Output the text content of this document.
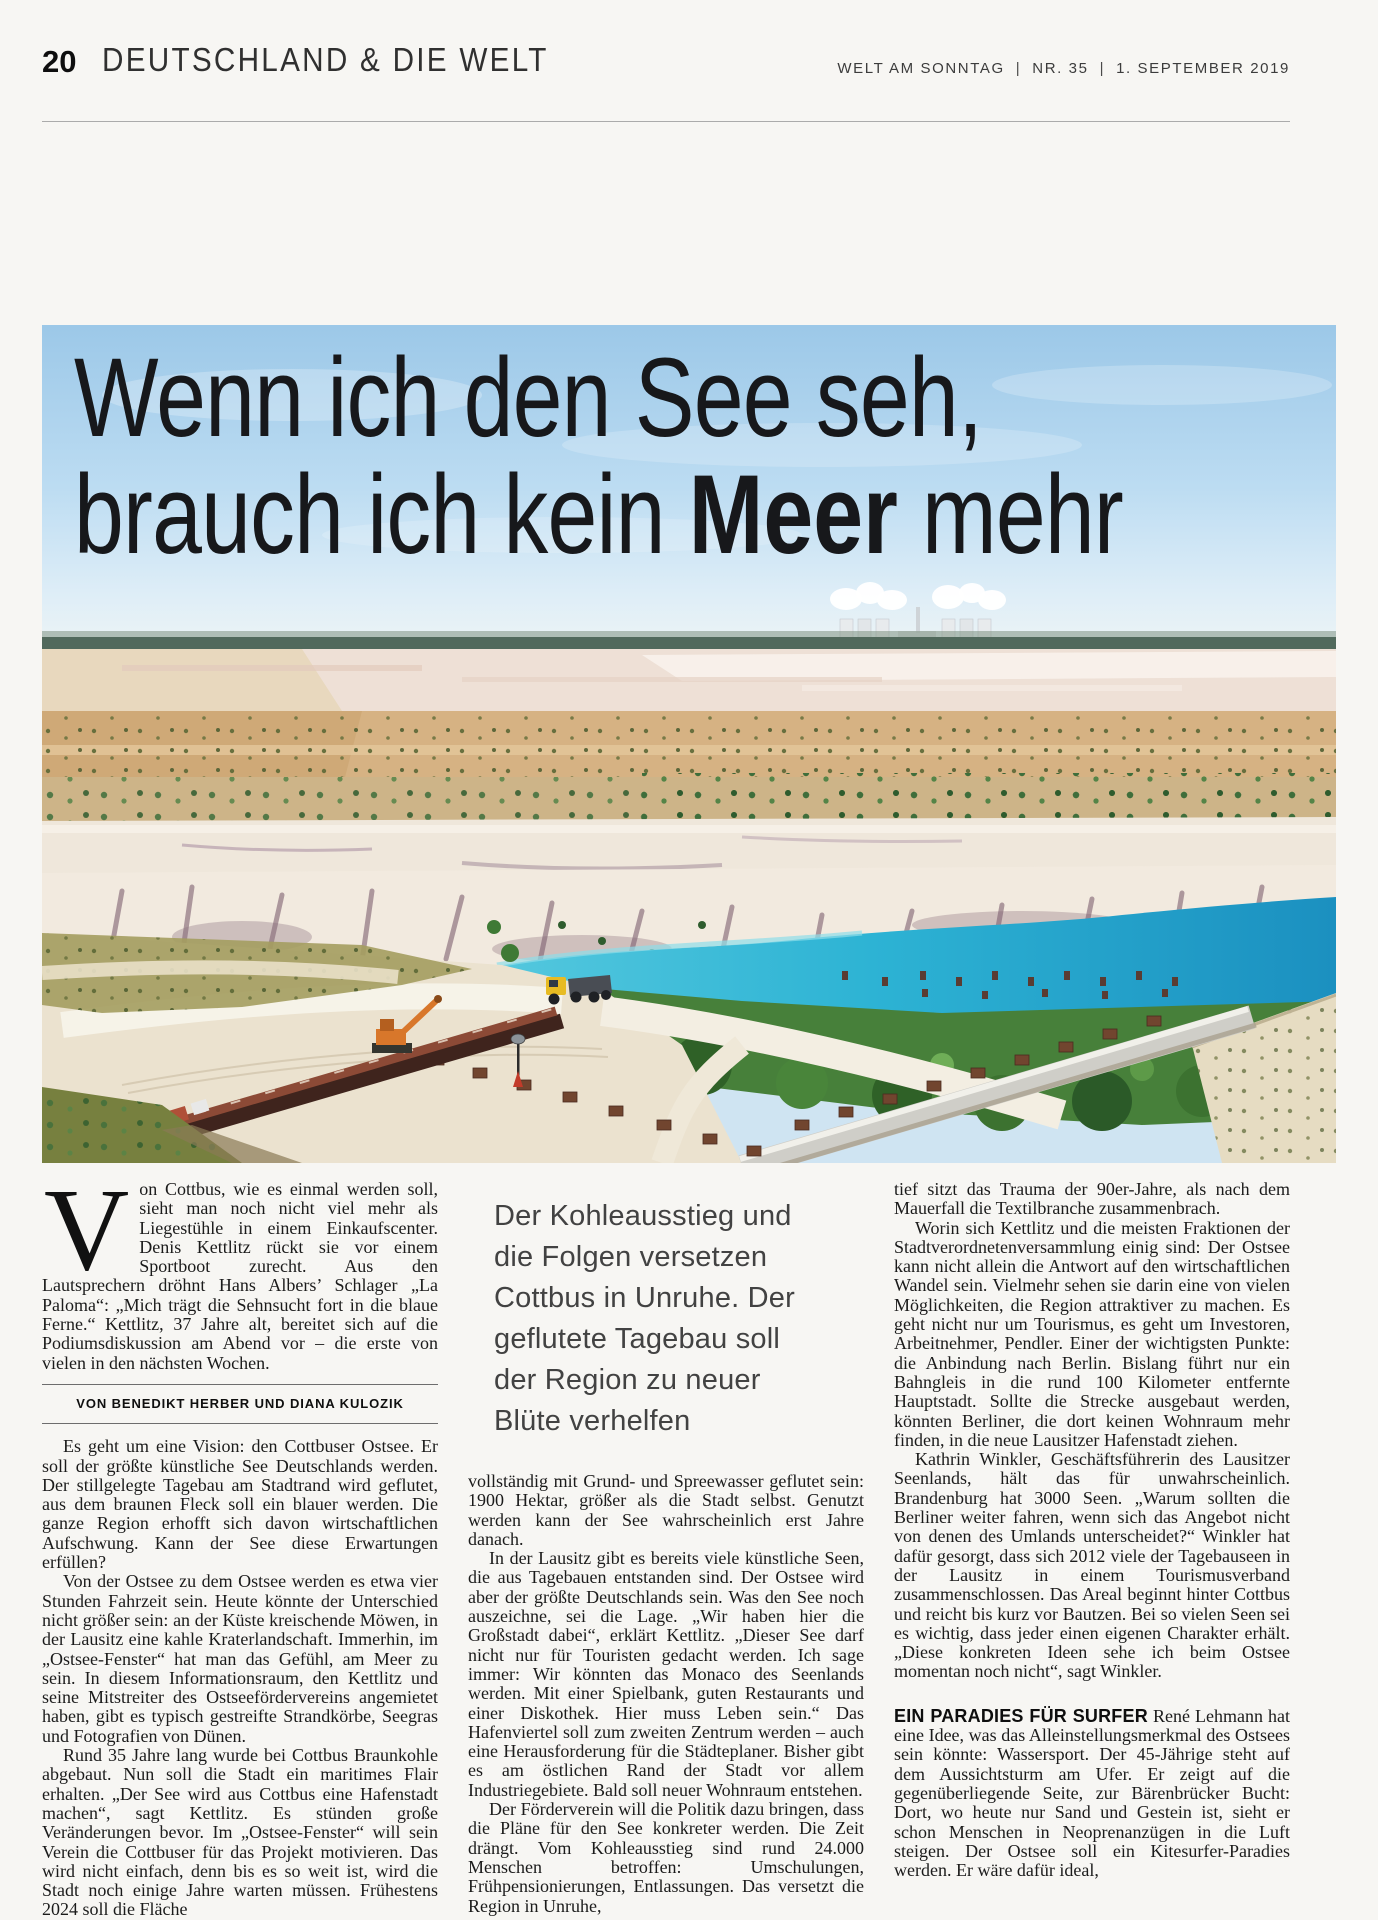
20 DEUTSCHLAND & DIE WELT	WELT AM SONNTAG | NR. 35 | 1. SEPTEMBER 2019
Wenn ich den See seh,
brauch ich kein Meer mehr

Von Cottbus, wie es einmal werden soll, sieht man noch nicht viel mehr als Liegestühle in einem Einkaufscenter. Denis Kettlitz rückt sie vor einem Sportboot zurecht. Aus den Lautsprechern dröhnt Hans Albers’ Schlager „La Paloma“: „Mich trägt die Sehnsucht fort in die blaue Ferne.“ Kettlitz, 37 Jahre alt, bereitet sich auf die Podiumsdiskussion am Abend vor – die erste von vielen in den nächsten Wochen.

VON BENEDIKT HERBER UND DIANA KULOZIK

Es geht um eine Vision: den Cottbuser Ostsee. Er soll der größte künstliche See Deutschlands werden. Der stillgelegte Tagebau am Stadtrand wird geflutet, aus dem braunen Fleck soll ein blauer werden. Die ganze Region erhofft sich davon wirtschaftlichen Aufschwung. Kann der See diese Erwartungen erfüllen?

Von der Ostsee zu dem Ostsee werden es etwa vier Stunden Fahrzeit sein. Heute könnte der Unterschied nicht größer sein: an der Küste kreischende Möwen, in der Lausitz eine kahle Kraterlandschaft. Immerhin, im „Ostsee-Fenster“ hat man das Gefühl, am Meer zu sein. In diesem Informationsraum, den Kettlitz und seine Mitstreiter des Ostseefördervereins angemietet haben, gibt es typisch gestreifte Strandkörbe, Seegras und Fotografien von Dünen.

Rund 35 Jahre lang wurde bei Cottbus Braunkohle abgebaut. Nun soll die Stadt ein maritimes Flair erhalten. „Der See wird aus Cottbus eine Hafenstadt machen“, sagt Kettlitz. Es stünden große Veränderungen bevor. Im „Ostsee-Fenster“ will sein Verein die Cottbuser für das Projekt motivieren. Das wird nicht einfach, denn bis es so weit ist, wird die Stadt noch einige Jahre warten müssen. Frühestens 2024 soll die Fläche

Der Kohleausstieg und die Folgen versetzen Cottbus in Unruhe. Der geflutete Tagebau soll der Region zu neuer Blüte verhelfen

vollständig mit Grund- und Spreewasser geflutet sein: 1900 Hektar, größer als die Stadt selbst. Genutzt werden kann der See wahrscheinlich erst Jahre danach.

In der Lausitz gibt es bereits viele künstliche Seen, die aus Tagebauen entstanden sind. Der Ostsee wird aber der größte Deutschlands sein. Was den See noch auszeichne, sei die Lage. „Wir haben hier die Großstadt dabei“, erklärt Kettlitz. „Dieser See darf nicht nur für Touristen gedacht werden. Ich sage immer: Wir könnten das Monaco des Seenlands werden. Mit einer Spielbank, guten Restaurants und einer Diskothek. Hier muss Leben sein.“ Das Hafenviertel soll zum zweiten Zentrum werden – auch eine Herausforderung für die Städteplaner. Bisher gibt es am östlichen Rand der Stadt vor allem Industriegebiete. Bald soll neuer Wohnraum entstehen.

Der Förderverein will die Politik dazu bringen, dass die Pläne für den See konkreter werden. Die Zeit drängt. Vom Kohleausstieg sind rund 24.000 Menschen betroffen: Umschulungen, Frühpensionierungen, Entlassungen. Das versetzt die Region in Unruhe,

tief sitzt das Trauma der 90er-Jahre, als nach dem Mauerfall die Textilbranche zusammenbrach.

Worin sich Kettlitz und die meisten Fraktionen der Stadtverordnetenversammlung einig sind: Der Ostsee kann nicht allein die Antwort auf den wirtschaftlichen Wandel sein. Vielmehr sehen sie darin eine von vielen Möglichkeiten, die Region attraktiver zu machen. Es geht nicht nur um Tourismus, es geht um Investoren, Arbeitnehmer, Pendler. Einer der wichtigsten Punkte: die Anbindung nach Berlin. Bislang führt nur ein Bahngleis in die rund 100 Kilometer entfernte Hauptstadt. Sollte die Strecke ausgebaut werden, könnten Berliner, die dort keinen Wohnraum mehr finden, in die neue Lausitzer Hafenstadt ziehen.

Kathrin Winkler, Geschäftsführerin des Lausitzer Seenlands, hält das für unwahrscheinlich. Brandenburg hat 3000 Seen. „Warum sollten die Berliner weiter fahren, wenn sich das Angebot nicht von denen des Umlands unterscheidet?“ Winkler hat dafür gesorgt, dass sich 2012 viele der Tagebauseen in der Lausitz in einem Tourismusverband zusammenschlossen. Das Areal beginnt hinter Cottbus und reicht bis kurz vor Bautzen. Bei so vielen Seen sei es wichtig, dass jeder einen eigenen Charakter erhält. „Diese konkreten Ideen sehe ich beim Ostsee momentan noch nicht“, sagt Winkler.

EIN PARADIES FÜR SURFER René Lehmann hat eine Idee, was das Alleinstellungsmerkmal des Ostsees sein könnte: Wassersport. Der 45-Jährige steht auf dem Aussichtsturm am Ufer. Er zeigt auf die gegenüberliegende Seite, zur Bärenbrücker Bucht: Dort, wo heute nur Sand und Gestein ist, sieht er schon Menschen in Neoprenanzügen in die Luft steigen. Der Ostsee soll ein Kitesurfer-Paradies werden. Er wäre dafür ideal,
